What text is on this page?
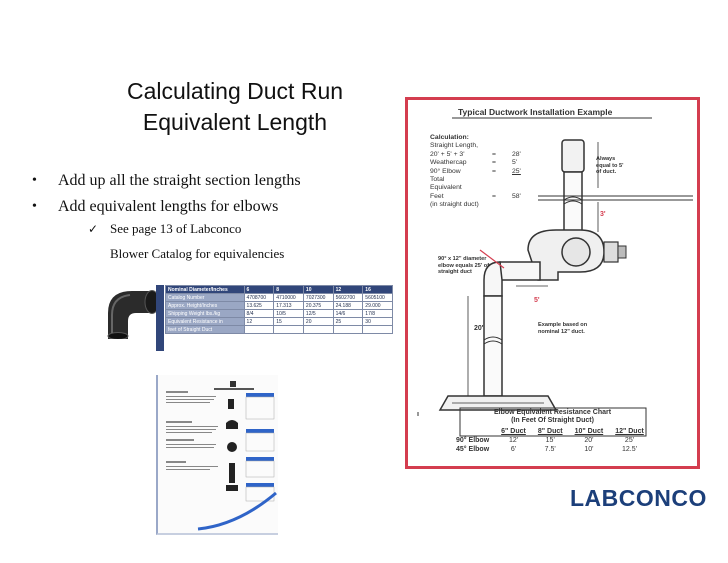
Calculating Duct Run
Equivalent Length
•	Add up all the straight section lengths
•	Add equivalent lengths for elbows
✓ See page 13 of Labconco
Blower Catalog for equivalencies
Nominal Diameter/Inches	6	8	10	12	16
Catalog Number	4708700	4710000	7027300	5602700	5605100
Approx. Height/Inches	13.625	17.313	20.375	24.188	29.000
Shipping Weight lbs./kg	8/4	10/5	12/5	14/6	17/8
Equivalent Resistance in	12	15	20	25	30
feet of Straight Duct					
Typical Ductwork Installation Example
Calculation:
Straight Length,
20' + 5' + 3'	=	28'
Weathercap	=	5'
90° Elbow	=	25'
Total
Equivalent
Feet	=	58'
(in straight duct)
Always equal to 5' of duct.
3'
90° x 12" diameter elbow equals 25' of straight duct
5'
20'	Example based on nominal 12" duct.
Elbow Equivalent Resistance Chart
(In Feet Of Straight Duct)
	6" Duct	8" Duct	10" Duct	12" Duct
90° Elbow	12'	15'	20'	25'
45° Elbow	6'	7.5'	10'	12.5'
LABCONCO
